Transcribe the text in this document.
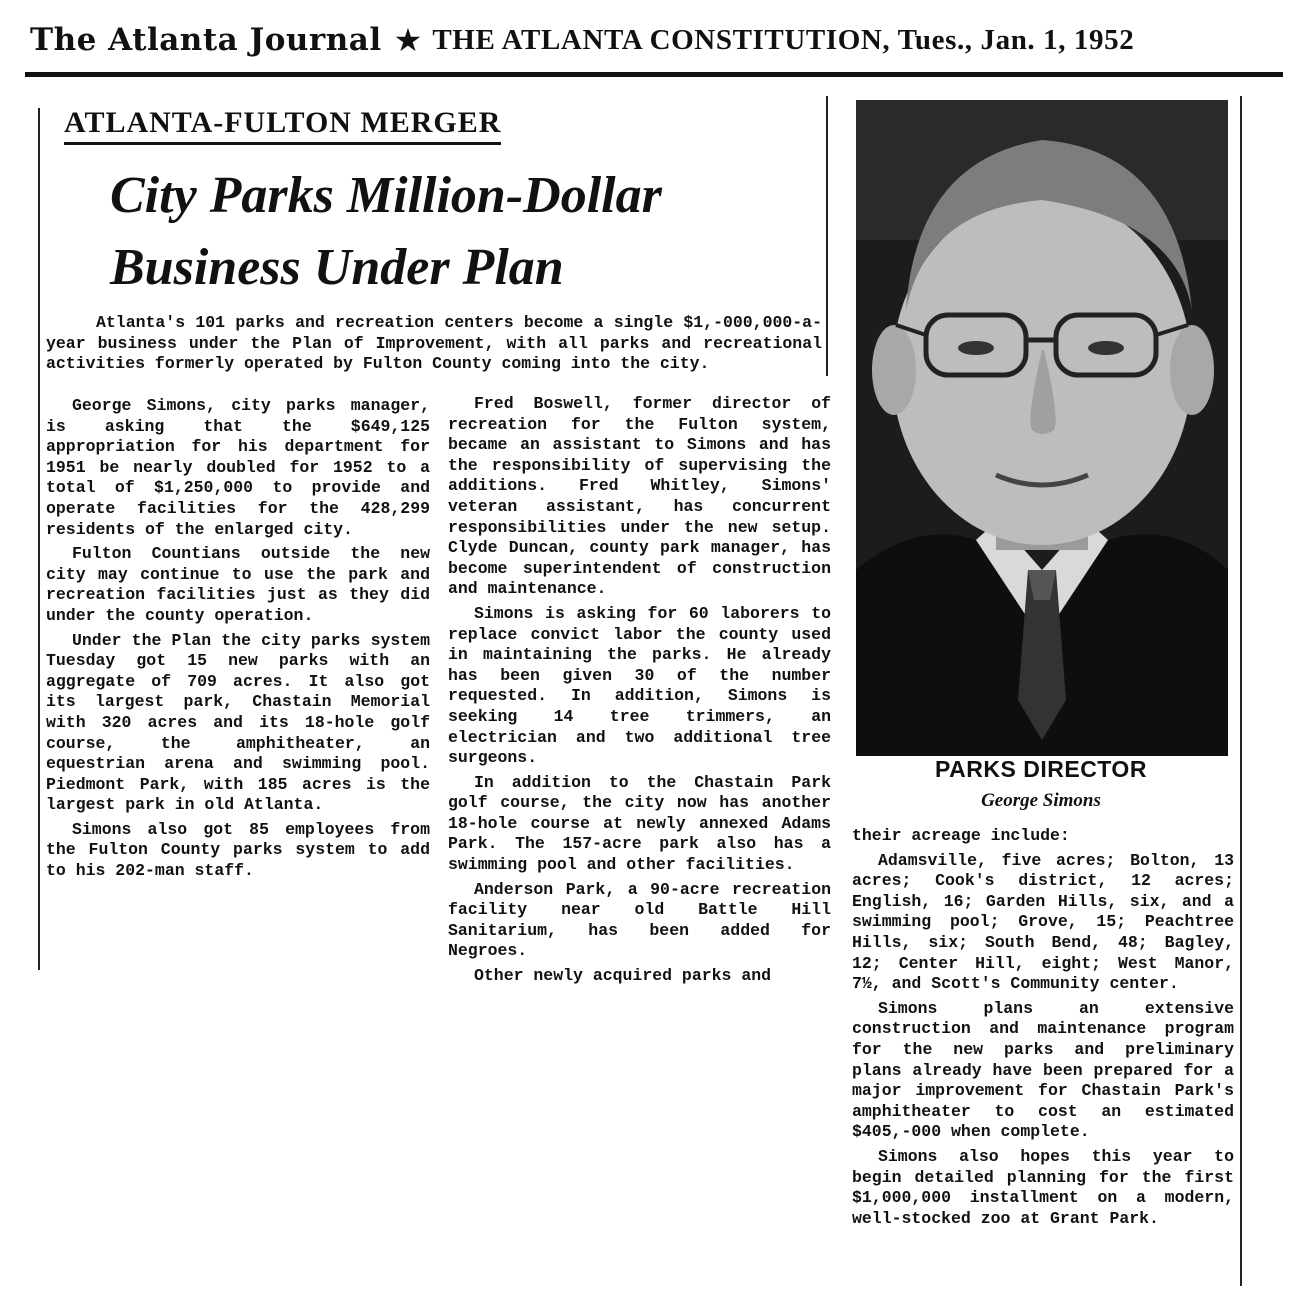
The Atlanta Journal ★ THE ATLANTA CONSTITUTION, Tues., Jan. 1, 1952
ATLANTA-FULTON MERGER
City Parks Million-Dollar
Business Under Plan

Atlanta's 101 parks and recreation centers become a single $1,-000,000-a-year business under the Plan of Improvement, with all parks and recreational activities formerly operated by Fulton County coming into the city.

George Simons, city parks manager, is asking that the $649,125 appropriation for his department for 1951 be nearly doubled for 1952 to a total of $1,250,000 to provide and operate facilities for the 428,299 residents of the enlarged city.

Fulton Countians outside the new city may continue to use the park and recreation facilities just as they did under the county operation.

Under the Plan the city parks system Tuesday got 15 new parks with an aggregate of 709 acres. It also got its largest park, Chastain Memorial with 320 acres and its 18-hole golf course, the amphitheater, an equestrian arena and swimming pool. Piedmont Park, with 185 acres is the largest park in old Atlanta.

Simons also got 85 employees from the Fulton County parks system to add to his 202-man staff.

Fred Boswell, former director of recreation for the Fulton system, became an assistant to Simons and has the responsibility of supervising the additions. Fred Whitley, Simons' veteran assistant, has concurrent responsibilities under the new setup. Clyde Duncan, county park manager, has become superintendent of construction and maintenance.

Simons is asking for 60 laborers to replace convict labor the county used in maintaining the parks. He already has been given 30 of the number requested. In addition, Simons is seeking 14 tree trimmers, an electrician and two additional tree surgeons.

In addition to the Chastain Park golf course, the city now has another 18-hole course at newly annexed Adams Park. The 157-acre park also has a swimming pool and other facilities.

Anderson Park, a 90-acre recreation facility near old Battle Hill Sanitarium, has been added for Negroes.

Other newly acquired parks and

PARKS DIRECTOR
George Simons

their acreage include:

Adamsville, five acres; Bolton, 13 acres; Cook's district, 12 acres; English, 16; Garden Hills, six, and a swimming pool; Grove, 15; Peachtree Hills, six; South Bend, 48; Bagley, 12; Center Hill, eight; West Manor, 7½, and Scott's Community center.

Simons plans an extensive construction and maintenance program for the new parks and preliminary plans already have been prepared for a major improvement for Chastain Park's amphitheater to cost an estimated $405,-000 when complete.

Simons also hopes this year to begin detailed planning for the first $1,000,000 installment on a modern, well-stocked zoo at Grant Park.
